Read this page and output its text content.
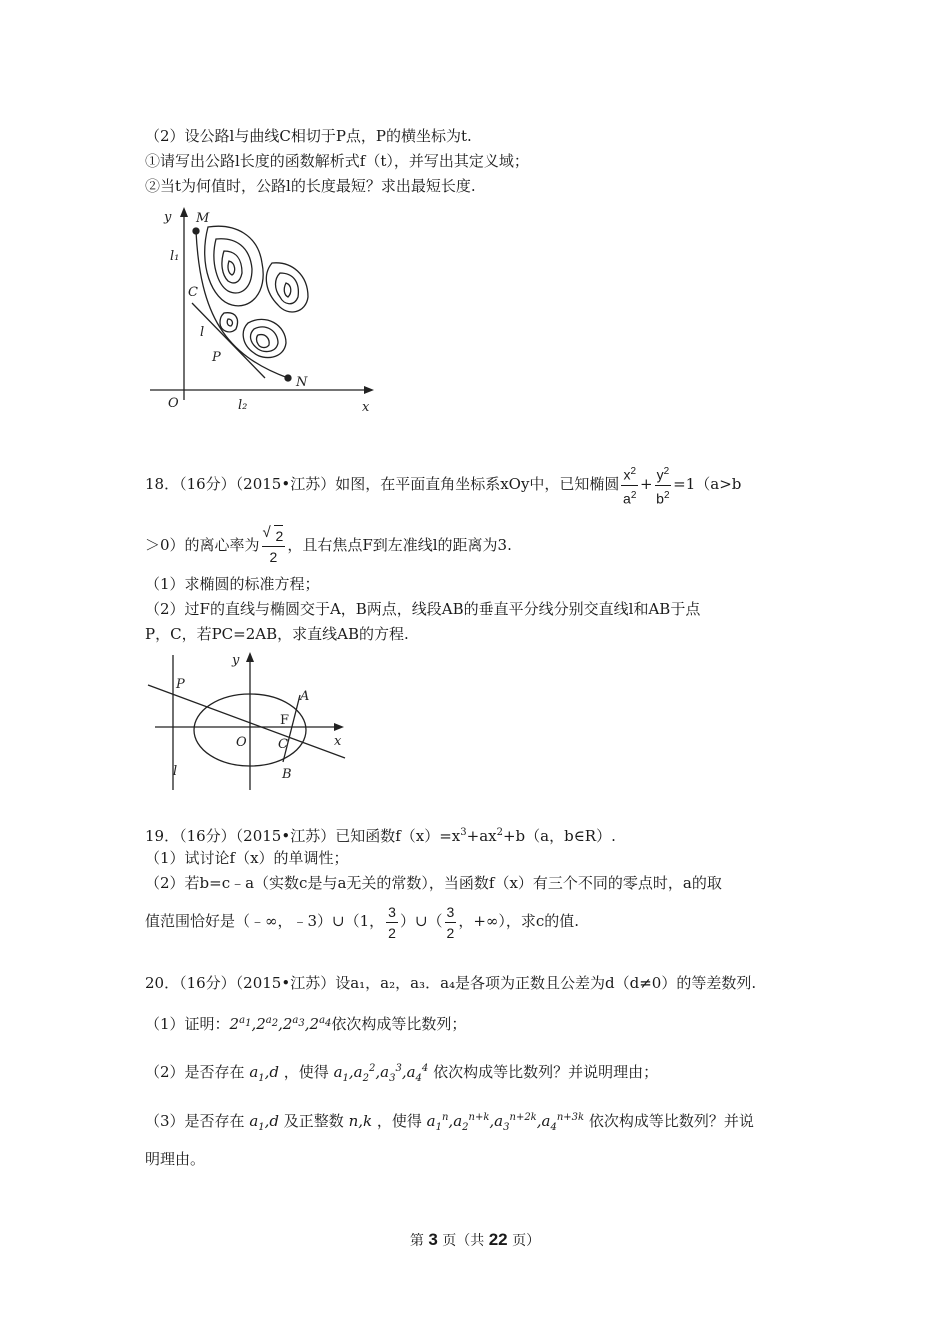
（2）设公路l与曲线C相切于P点，P的横坐标为t.
①请写出公路l长度的函数解析式f（t），并写出其定义域；
②当t为何值时，公路l的长度最短？求出最短长度.
y M
l₁
C
l
P
N
O	l₂	x
18．（16分）（2015•江苏）如图，在平面直角坐标系xOy中，已知椭圆 $\frac{x^2}{a^2} + \frac{y^2}{b^2} =1(a>b$
＞0）的离心率为
√ $\frac{2}{2}$ ，且右焦点F到左准线l的距离为3.
（1）求椭圆的标准方程；
（2）过F的直线与椭圆交于A，B两点，线段AB的垂直平分线分别交直线l和AB于点
P，C，若PC=2AB，求直线AB的方程.
y
P
A
F
O C	x
l	B
19．（16分）（2015•江苏）已知函数$f(x)=x^3+ax^2+b(a$，b∈R）.
（1）试讨论f（x）的单调性；
（2）若b=c﹣a（实数c是与a无关的常数），当函数f（x）有三个不同的零点时，a的取
值范围恰好是（﹣∞，﹣3）∪（1， $\frac{3}{2}$ ）∪（ $\frac{3}{2}$ ，+∞），求c的值.
20．（16分）（2015•江苏）设a₁，a₂，a₃．a₄是各项为正数且公差为d（d≠0）的等差数列.
（1）证明：$2^{a_1},2^{a_2},2^{a_3},2^{a_4}$依次构成等比数列；
（2）是否存在 $a_1,d$ ，使得 $a_1,a_2^2,a_3^3,a_4^4$ 依次构成等比数列？并说明理由；
（3）是否存在 $a_1,d$ 及正整数 n,k ，使得 $a_1^n,a_2^{n+k},a_3^{n+2k},a_4^{n+3k}$ 依次构成等比数列？并说
明理由。
第 3 页（共 22 页）
